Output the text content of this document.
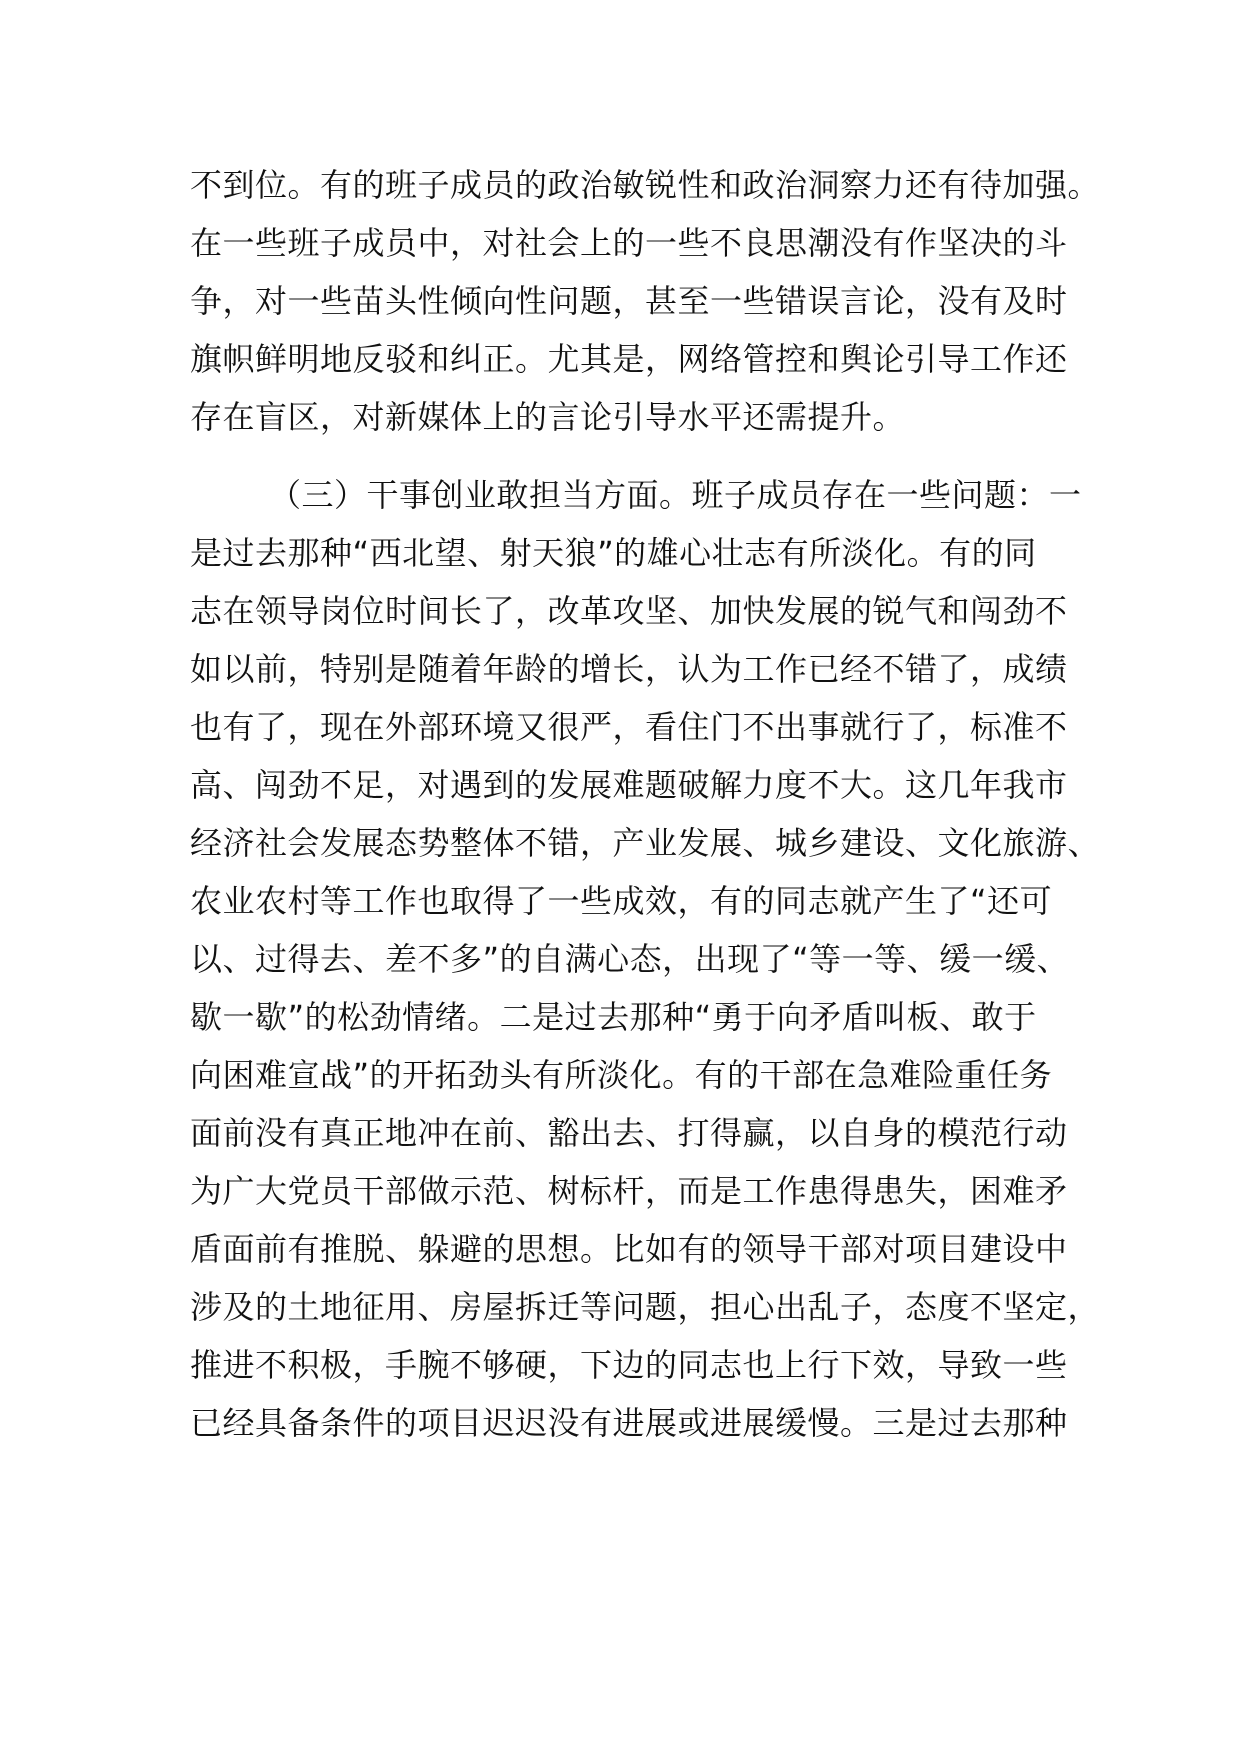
不到位。有的班子成员的政治敏锐性和政治洞察力还有待加强。
在一些班子成员中，对社会上的一些不良思潮没有作坚决的斗
争，对一些苗头性倾向性问题，甚至一些错误言论，没有及时
旗帜鲜明地反驳和纠正。尤其是，网络管控和舆论引导工作还
存在盲区，对新媒体上的言论引导水平还需提升。
（三）干事创业敢担当方面。班子成员存在一些问题：一
是过去那种“西北望、射天狼”的雄心壮志有所淡化。有的同
志在领导岗位时间长了，改革攻坚、加快发展的锐气和闯劲不
如以前，特别是随着年龄的增长，认为工作已经不错了，成绩
也有了，现在外部环境又很严，看住门不出事就行了，标准不
高、闯劲不足，对遇到的发展难题破解力度不大。这几年我市
经济社会发展态势整体不错，产业发展、城乡建设、文化旅游、
农业农村等工作也取得了一些成效，有的同志就产生了“还可
以、过得去、差不多”的自满心态，出现了“等一等、缓一缓、
歇一歇”的松劲情绪。二是过去那种“勇于向矛盾叫板、敢于
向困难宣战”的开拓劲头有所淡化。有的干部在急难险重任务
面前没有真正地冲在前、豁出去、打得赢，以自身的模范行动
为广大党员干部做示范、树标杆，而是工作患得患失，困难矛
盾面前有推脱、躲避的思想。比如有的领导干部对项目建设中
涉及的土地征用、房屋拆迁等问题，担心出乱子，态度不坚定，
推进不积极，手腕不够硬，下边的同志也上行下效，导致一些
已经具备条件的项目迟迟没有进展或进展缓慢。三是过去那种
